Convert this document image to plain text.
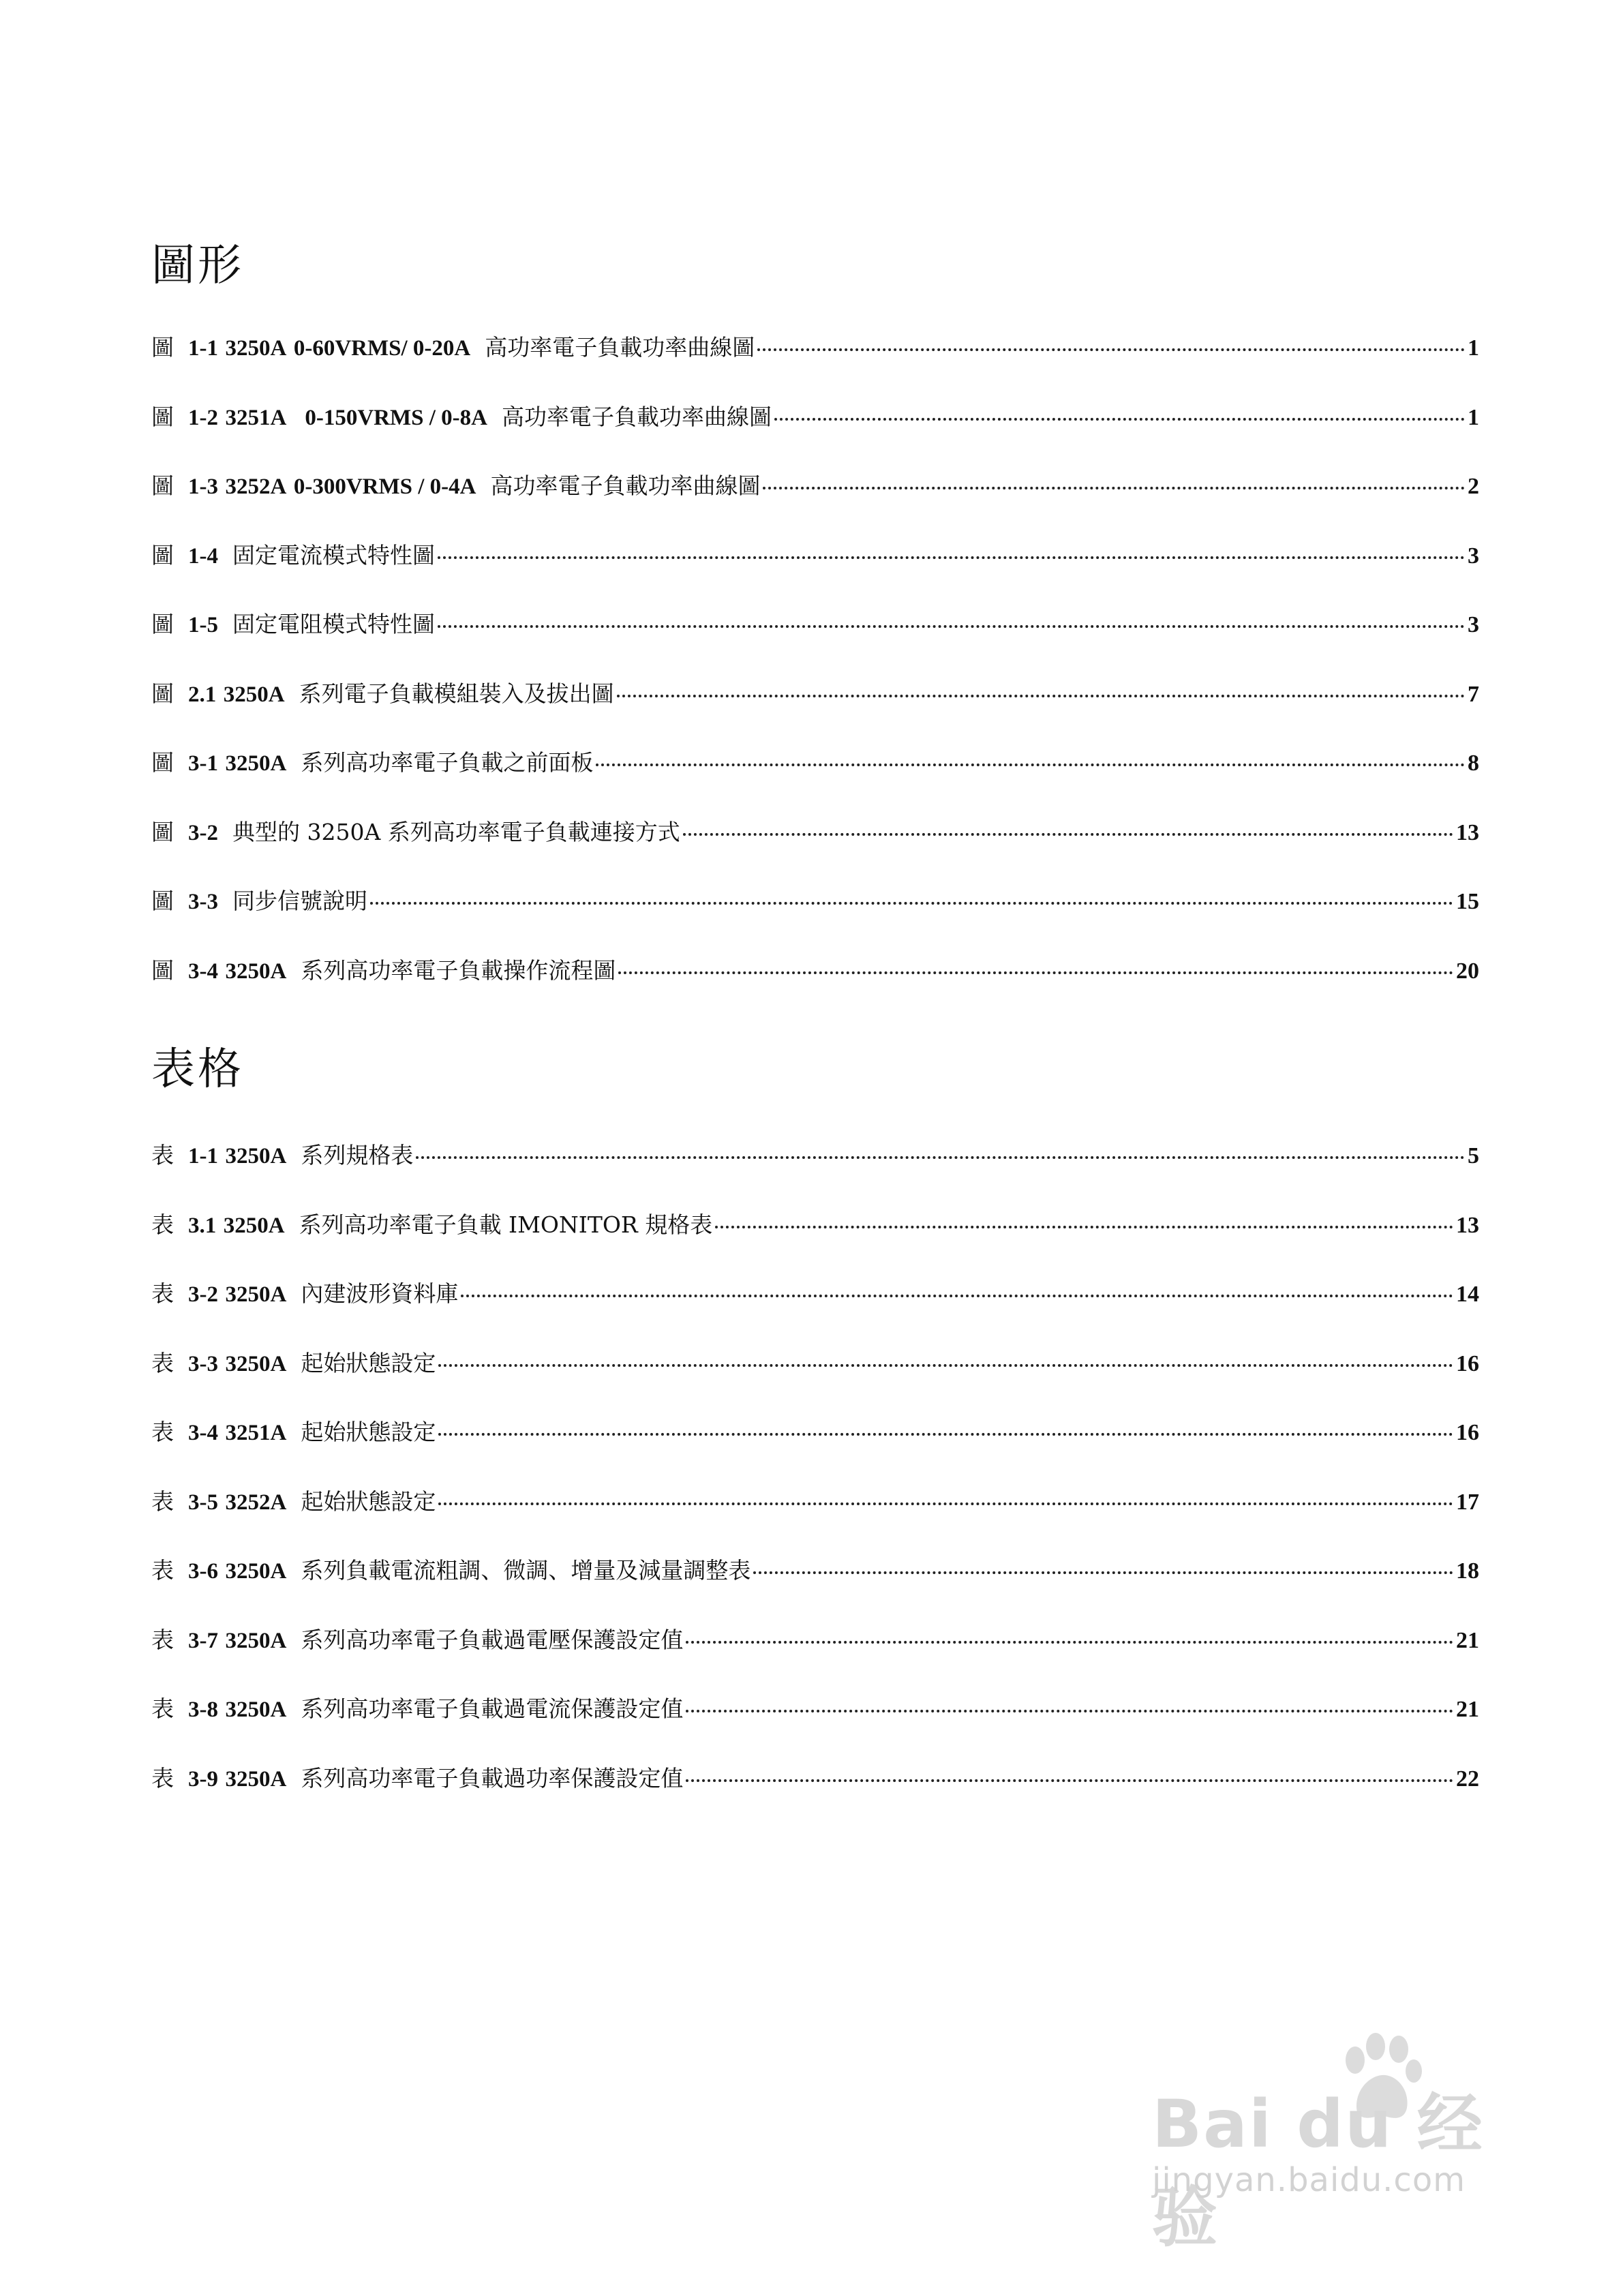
圖形
圖 1-1 3250A 0-60VRMS/ 0-20A 高功率電子負載功率曲線圖	1
圖 1-2 3251A   0-150VRMS / 0-8A 高功率電子負載功率曲線圖	1
圖 1-3 3252A 0-300VRMS / 0-4A 高功率電子負載功率曲線圖	2
圖 1-4 固定電流模式特性圖	3
圖 1-5 固定電阻模式特性圖	3
圖 2.1 3250A 系列電子負載模組裝入及拔出圖	7
圖 3-1 3250A 系列高功率電子負載之前面板	8
圖 3-2 典型的 3250A 系列高功率電子負載連接方式	13
圖 3-3 同步信號說明	15
圖 3-4 3250A 系列高功率電子負載操作流程圖	20
表格
表 1-1 3250A 系列規格表	5
表 3.1 3250A 系列高功率電子負載 IMONITOR 規格表	13
表 3-2 3250A 內建波形資料庫	14
表 3-3 3250A 起始狀態設定	16
表 3-4 3251A 起始狀態設定	16
表 3-5 3252A 起始狀態設定	17
表 3-6 3250A 系列負載電流粗調、微調、增量及減量調整表	18
表 3-7 3250A 系列高功率電子負載過電壓保護設定值	21
表 3-8 3250A 系列高功率電子負載過電流保護設定值	21
表 3-9 3250A 系列高功率電子負載過功率保護設定值	22
Bai du 经验
jingyan.baidu.com
